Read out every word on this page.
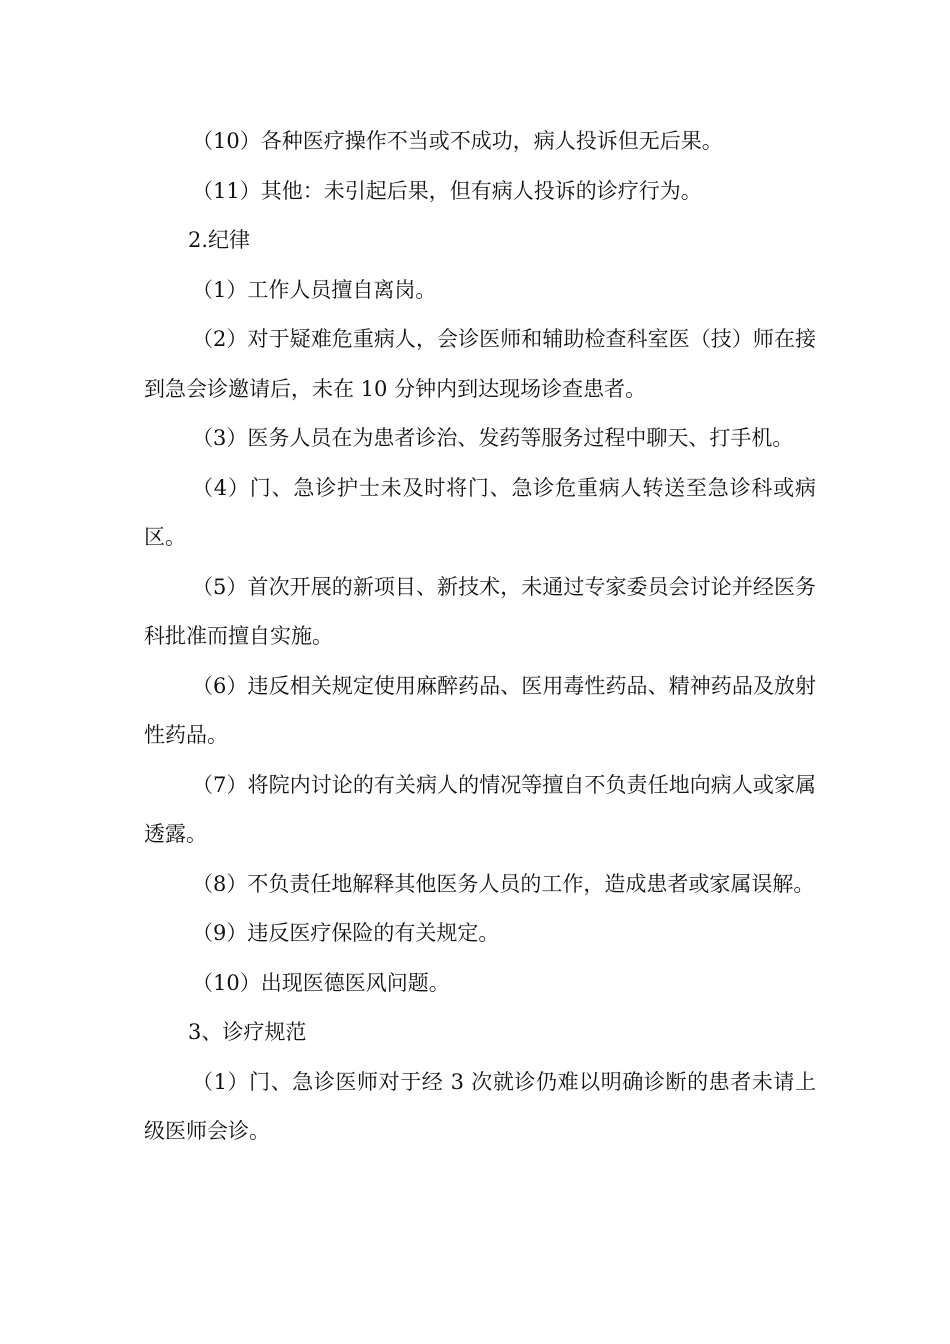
（10）各种医疗操作不当或不成功，病人投诉但无后果。

（11）其他：未引起后果，但有病人投诉的诊疗行为。

2.纪律

（1）工作人员擅自离岗。

（2）对于疑难危重病人，会诊医师和辅助检查科室医（技）师在接到急会诊邀请后，未在 10 分钟内到达现场诊查患者。

（3）医务人员在为患者诊治、发药等服务过程中聊天、打手机。

（4）门、急诊护士未及时将门、急诊危重病人转送至急诊科或病区。

（5）首次开展的新项目、新技术，未通过专家委员会讨论并经医务科批准而擅自实施。

（6）违反相关规定使用麻醉药品、医用毒性药品、精神药品及放射性药品。

（7）将院内讨论的有关病人的情况等擅自不负责任地向病人或家属透露。

（8）不负责任地解释其他医务人员的工作，造成患者或家属误解。

（9）违反医疗保险的有关规定。

（10）出现医德医风问题。

3、诊疗规范

（1）门、急诊医师对于经 3 次就诊仍难以明确诊断的患者未请上级医师会诊。
